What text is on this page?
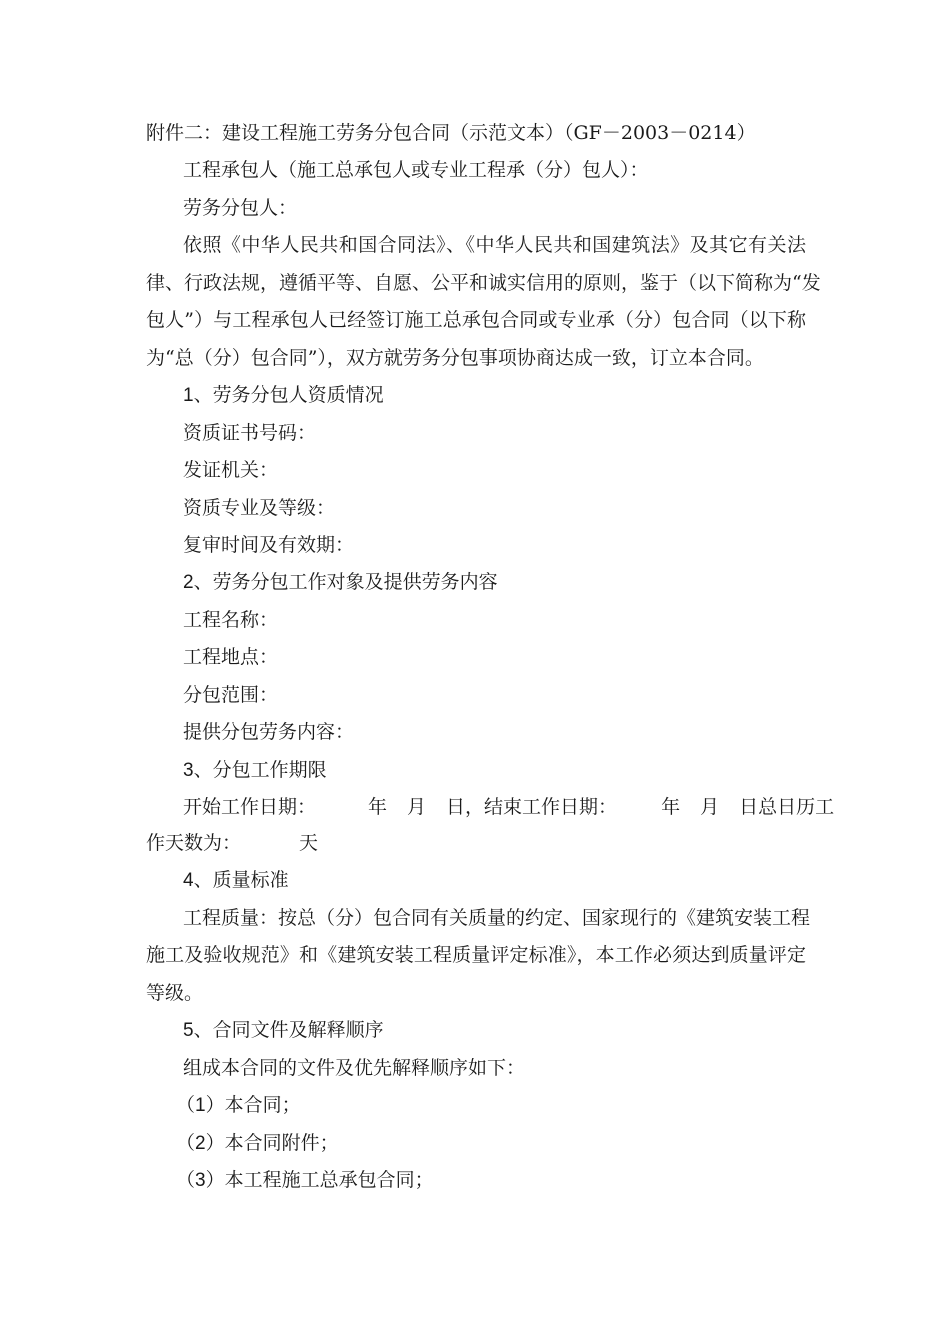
附件二：建设工程施工劳务分包合同（示范文本）（GF－2003－0214）
工程承包人（施工总承包人或专业工程承（分）包人）：
劳务分包人：
依照《中华人民共和国合同法》、《中华人民共和国建筑法》及其它有关法
律、行政法规，遵循平等、自愿、公平和诚实信用的原则，鉴于（以下简称为“发
包人”）与工程承包人已经签订施工总承包合同或专业承（分）包合同（以下称
为“总（分）包合同”），双方就劳务分包事项协商达成一致，订立本合同。
1、劳务分包人资质情况
资质证书号码：
发证机关：
资质专业及等级：
复审时间及有效期：
2、劳务分包工作对象及提供劳务内容
工程名称：
工程地点：
分包范围：
提供分包劳务内容：
3、分包工作期限
开始工作日期：	年 月 日，结束工作日期： 年 月 日总日历工
作天数为：	天
4、质量标准
工程质量：按总（分）包合同有关质量的约定、国家现行的《建筑安装工程
施工及验收规范》和《建筑安装工程质量评定标准》，本工作必须达到质量评定
等级。
5、合同文件及解释顺序
组成本合同的文件及优先解释顺序如下：
（1）本合同；
（2）本合同附件；
（3）本工程施工总承包合同；
